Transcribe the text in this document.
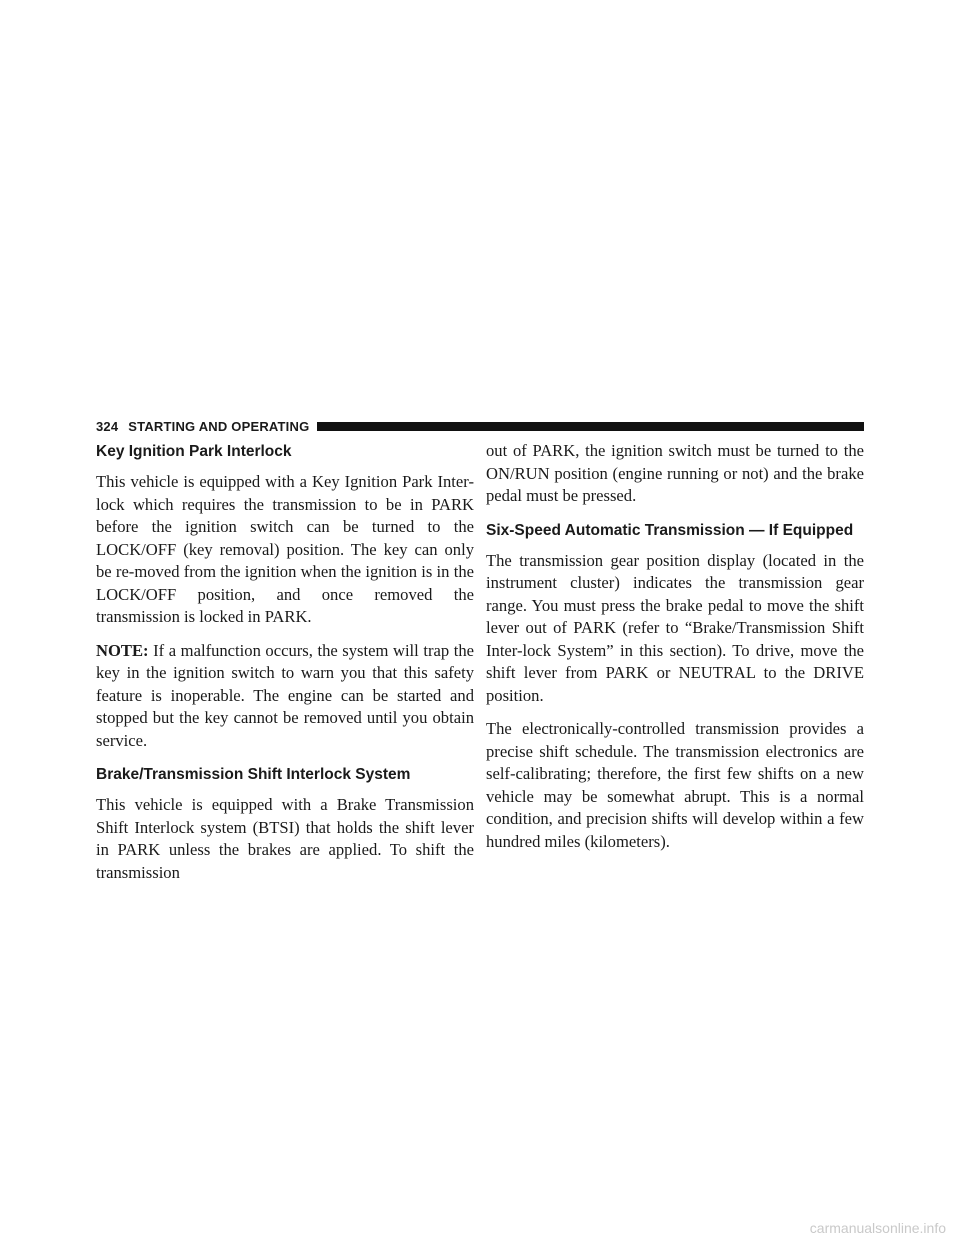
324 STARTING AND OPERATING
Key Ignition Park Interlock

This vehicle is equipped with a Key Ignition Park Inter-lock which requires the transmission to be in PARK before the ignition switch can be turned to the LOCK/OFF (key removal) position. The key can only be re-moved from the ignition when the ignition is in the LOCK/OFF position, and once removed the transmission is locked in PARK.

NOTE: If a malfunction occurs, the system will trap the key in the ignition switch to warn you that this safety feature is inoperable. The engine can be started and stopped but the key cannot be removed until you obtain service.

Brake/Transmission Shift Interlock System

This vehicle is equipped with a Brake Transmission Shift Interlock system (BTSI) that holds the shift lever in PARK unless the brakes are applied. To shift the transmission

out of PARK, the ignition switch must be turned to the ON/RUN position (engine running or not) and the brake pedal must be pressed.

Six-Speed Automatic Transmission — If Equipped

The transmission gear position display (located in the instrument cluster) indicates the transmission gear range. You must press the brake pedal to move the shift lever out of PARK (refer to “Brake/Transmission Shift Inter-lock System” in this section). To drive, move the shift lever from PARK or NEUTRAL to the DRIVE position.

The electronically-controlled transmission provides a precise shift schedule. The transmission electronics are self-calibrating; therefore, the first few shifts on a new vehicle may be somewhat abrupt. This is a normal condition, and precision shifts will develop within a few hundred miles (kilometers).

carmanualsonline.info
